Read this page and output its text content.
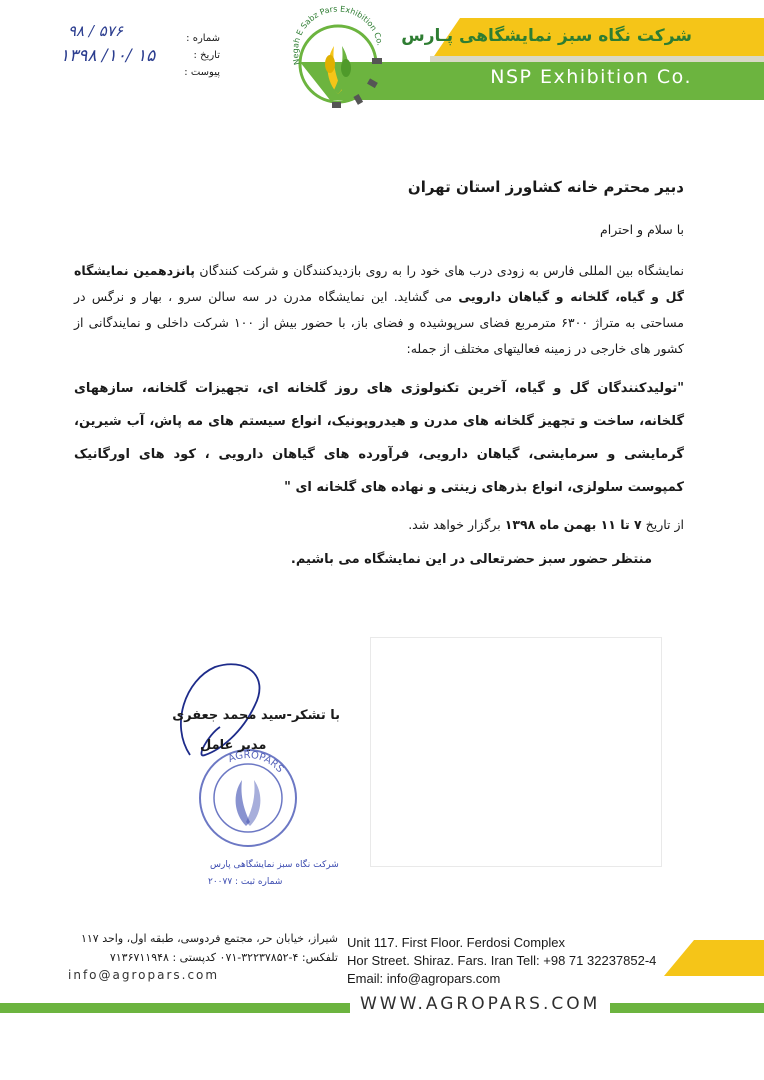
شرکت نگاه سبز نمایشگاهی پـارس
NSP Exhibition Co.
Negah E Sabz Pars Exhibition Co.
شماره :
تاریخ :
پیوست :
۹۸ / ۵۷۶
۱۳۹۸ /۱۰/ ۱۵
دبیر محترم خانه کشاورز استان تهران
با سلام و احترام
نمایشگاه بین المللی فارس به زودی درب های خود را به روی بازدیدکنندگان و شرکت کنندگان پانزدهمین نمایشگاه گل و گیاه، گلخانه و گیاهان دارویی می گشاید. این نمایشگاه مدرن در سه سالن سرو ، بهار و نرگس در مساحتی به متراژ ۶۳۰۰ مترمربع فضای سرپوشیده و فضای باز، با حضور بیش از ۱۰۰ شرکت داخلی و نمایندگانی از کشور های خارجی در زمینه فعالیتهای مختلف از جمله:
"تولیدکنندگان گل و گیاه، آخرین تکنولوژی های روز گلخانه ای، تجهیزات گلخانه، سازههای گلخانه، ساخت و تجهیز گلخانه های مدرن و هیدروپونیک، انواع سیستم های مه پاش، آب شیرین، گرمایشی و سرمایشی، گیاهان دارویی، فرآورده های گیاهان دارویی ، کود های اورگانیک کمپوست سلولزی، انواع بذرهای زینتی و نهاده های گلخانه ای "
از تاریخ ۷ تا ۱۱ بهمن ماه ۱۳۹۸ برگزار خواهد شد.
منتظر حضور سبز حضرتعالی در این نمایشگاه می باشیم.
AGROPARS
شرکت نگاه سبز نمایشگاهی پارس
شماره ثبت : ۲۰۰۷۷
با تشکر-سید محمد جعفری
مدیر عامل
شیراز، خیابان حر، مجتمع فردوسی، طبقه اول، واحد ۱۱۷
تلفکس: ۴-۳۲۲۳۷۸۵۲-۰۷۱ کدپستی : ۷۱۳۶۷۱۱۹۴۸
info@agropars.com
Unit 117. First Floor. Ferdosi Complex
Hor Street. Shiraz. Fars. Iran Tell: +98 71 32237852-4
Email: info@agropars.com
WWW.AGROPARS.COM
